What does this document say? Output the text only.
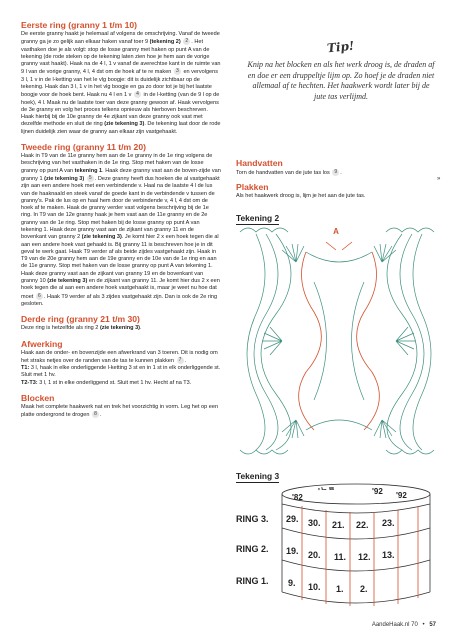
Eerste ring (granny 1 t/m 10)

De eerste granny haakt je helemaal af volgens de omschrijving. Vanaf de tweede granny ga je zo gelijk aan elkaar haken vanaf toer 9 (tekening 2) 2 . Het vasthaken doe je als volgt: stop de losse granny met haken op punt A van de tekening (de rode steken op de tekening laten zien hoe je hem aan de vorige granny vast haakt). Haak na de 4 l, 1 v vanaf de averechtse kant in de ruimte van 9 l van de vorige granny, 4 l, 4 dst om de hoek af te re maken 3 en vervolgens 3 l, 1 v in de l-ketting van het le vlg boogje: dit is duidelijk zichtbaar op de tekening. Haak dan 3 l, 1 v in het vlg boogje en ga zo door tot je bij het laatste boogje voor de hoek bent. Haak nu 4 l en 1 v 4 in de l-ketting (van de 9 l op de hoek), 4 l. Maak nu de laatste toer van deze granny gewoon af. Haak vervolgens de 3e granny en volg het proces telkens opnieuw als hierboven beschreven. Haak hierbij bij de 10e granny de 4e zijkant van deze granny ook vast met dezelfde methode en sluit de ring (zie tekening 3). De tekening laat door de rode lijnen duidelijk zien waar de granny aan elkaar zijn vastgehaakt.

Tweede ring (granny 11 t/m 20)

Haak in T9 van de 11e granny hem aan de 1e granny in de 1e ring volgens de beschrijving van het vasthaken in de 1e ring. Stop met haken van de losse granny op punt A van tekening 1. Haak deze granny vast aan de boven-zijde van granny 1 (zie tekening 3) 5 . Deze granny heeft dus hoeken die al vastgehaakt zijn aan een andere hoek met een verbindende v. Haal na de laatste 4 l de lus van de haaknaald en steek vanaf de goede kant in de verbindende v tussen de granny's. Pak de lus op en haal hem door de verbindende v, 4 l, 4 dst om de hoek af te maken. Haak de granny verder vast volgens beschrijving bij de 1e ring. In T9 van de 12e granny haak je hem vast aan de 11e granny en de 2e granny van de 1e ring. Stop met haken bij de losse granny op punt A van tekening 1. Haak deze granny vast aan de zijkant van granny 11 en de bovenkant van granny 2 (zie tekening 3). Je komt hier 2 x een hoek tegen die al aan een andere hoek vast gehaakt is. Bij granny 11 is beschreven hoe je in dit geval te werk gaat. Haak T9 verder af als beide zijdes vastgehaakt zijn. Haak in T9 van de 20e granny hem aan de 19e granny en de 10e van de 1e ring en aan de 11e granny. Stop met haken van de losse granny op punt A van tekening 1. Haak deze granny vast aan de zijkant van granny 19 en de bovenkant van granny 10 (zie tekening 3) en de zijkant van granny 11. Je komt hier dus 2 x een hoek tegen die al aan een andere hoek vastgehaakt is, maar je weet nu hoe dat moet 6 . Haak T9 verder af als 3 zijdes vastgehaakt zijn. Dan is ook de 2e ring gesloten.

Derde ring (granny 21 t/m 30)

Deze ring is hetzelfde als ring 2 (zie tekening 3).

Afwerking

Haak aan de onder- en bovenzijde een afwerkrand van 3 toeren. Dit is nodig om het straks netjes over de randen van de tas te kunnen plakken 7 .
T1: 3 l, haak in elke onderliggende l-ketting 3 st en in 1 st in elk onderliggende st. Sluit met 1 hv.
T2-T3: 3 l, 1 st in elke onderliggend st. Sluit met 1 hv. Hecht af na T3.

Blocken

Maak het complete haakwerk nat en trek het voorzichtig in vorm. Leg het op een platte ondergrond te drogen 8 .

Tip!
Knip na het blocken en als het werk droog is, de draden af en doe er een druppeltje lijm op. Zo hoef je de draden niet allemaal af te hechten. Het haakwerk wordt later bij de jute tas verlijmd.
Handvatten

Torn de handvatten van de jute tas los 9 .

Plakken

Als het haakwerk droog is, lijm je het aan de jute tas.

»
Tekening 2
A
Tekening 3
RING 3.
RING 2.
RING 1.
29. 30. 21. 22. 23.
19. 20. 11. 12. 13.
9. 10. 1. 2.
'82
'ᄂᄅ	'92 '92
AandeHaak.nl 70 • 57
